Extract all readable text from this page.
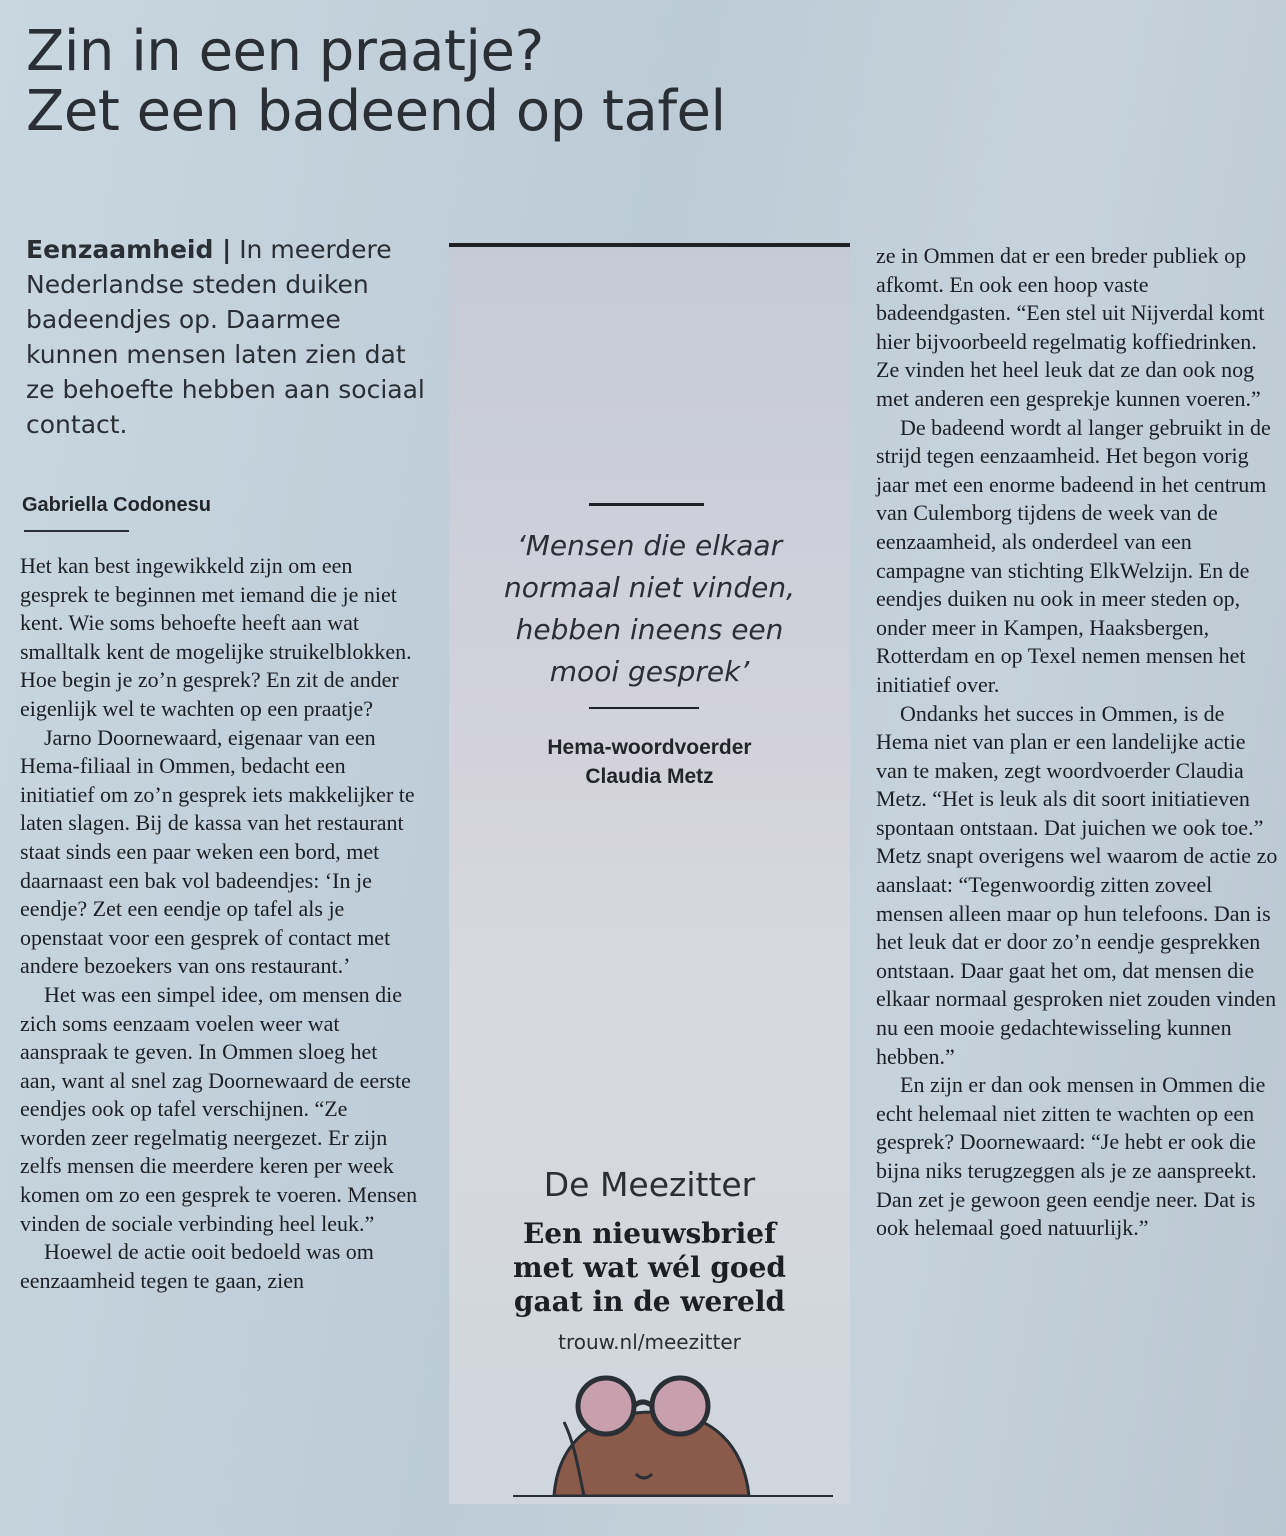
Zin in een praatje?
Zet een badeend op tafel
Eenzaamheid | In meerdere Nederlandse steden duiken badeendjes op. Daarmee kunnen mensen laten zien dat ze behoefte hebben aan sociaal contact.
Gabriella Codonesu

Het kan best ingewikkeld zijn om een gesprek te beginnen met iemand die je niet kent. Wie soms behoefte heeft aan wat smalltalk kent de mogelijke struikelblokken. Hoe begin je zo’n gesprek? En zit de ander eigenlijk wel te wachten op een praatje?

Jarno Doornewaard, eigenaar van een Hema-filiaal in Ommen, bedacht een initiatief om zo’n gesprek iets makkelijker te laten slagen. Bij de kassa van het restaurant staat sinds een paar weken een bord, met daarnaast een bak vol badeendjes: ‘In je eendje? Zet een eendje op tafel als je openstaat voor een gesprek of contact met andere bezoekers van ons restaurant.’

Het was een simpel idee, om mensen die zich soms eenzaam voelen weer wat aanspraak te geven. In Ommen sloeg het aan, want al snel zag Doornewaard de eerste eendjes ook op tafel verschijnen. “Ze worden zeer regelmatig neergezet. Er zijn zelfs mensen die meerdere keren per week komen om zo een gesprek te voeren. Mensen vinden de sociale verbinding heel leuk.”

Hoewel de actie ooit bedoeld was om eenzaamheid tegen te gaan, zien

‘Mensen die elkaar
normaal niet vinden,
hebben ineens een
mooi gesprek’
Hema-woordvoerder
Claudia Metz
De Meezitter
Een nieuwsbrief
met wat wél goed
gaat in de wereld
trouw.nl/meezitter

ze in Ommen dat er een breder publiek op afkomt. En ook een hoop vaste badeendgasten. “Een stel uit Nijverdal komt hier bijvoorbeeld regelmatig koffiedrinken. Ze vinden het heel leuk dat ze dan ook nog met anderen een gesprekje kunnen voeren.”

De badeend wordt al langer gebruikt in de strijd tegen eenzaamheid. Het begon vorig jaar met een enorme badeend in het centrum van Culemborg tijdens de week van de eenzaamheid, als onderdeel van een campagne van stichting ElkWelzijn. En de eendjes duiken nu ook in meer steden op, onder meer in Kampen, Haaksbergen, Rotterdam en op Texel nemen mensen het initiatief over.

Ondanks het succes in Ommen, is de Hema niet van plan er een landelijke actie van te maken, zegt woordvoerder Claudia Metz. “Het is leuk als dit soort initiatieven spontaan ontstaan. Dat juichen we ook toe.” Metz snapt overigens wel waarom de actie zo aanslaat: “Tegenwoordig zitten zoveel mensen alleen maar op hun telefoons. Dan is het leuk dat er door zo’n eendje gesprekken ontstaan. Daar gaat het om, dat mensen die elkaar normaal gesproken niet zouden vinden nu een mooie gedachtewisseling kunnen hebben.”

En zijn er dan ook mensen in Ommen die echt helemaal niet zitten te wachten op een gesprek? Doornewaard: “Je hebt er ook die bijna niks terugzeggen als je ze aanspreekt. Dan zet je gewoon geen eendje neer. Dat is ook helemaal goed natuurlijk.”
